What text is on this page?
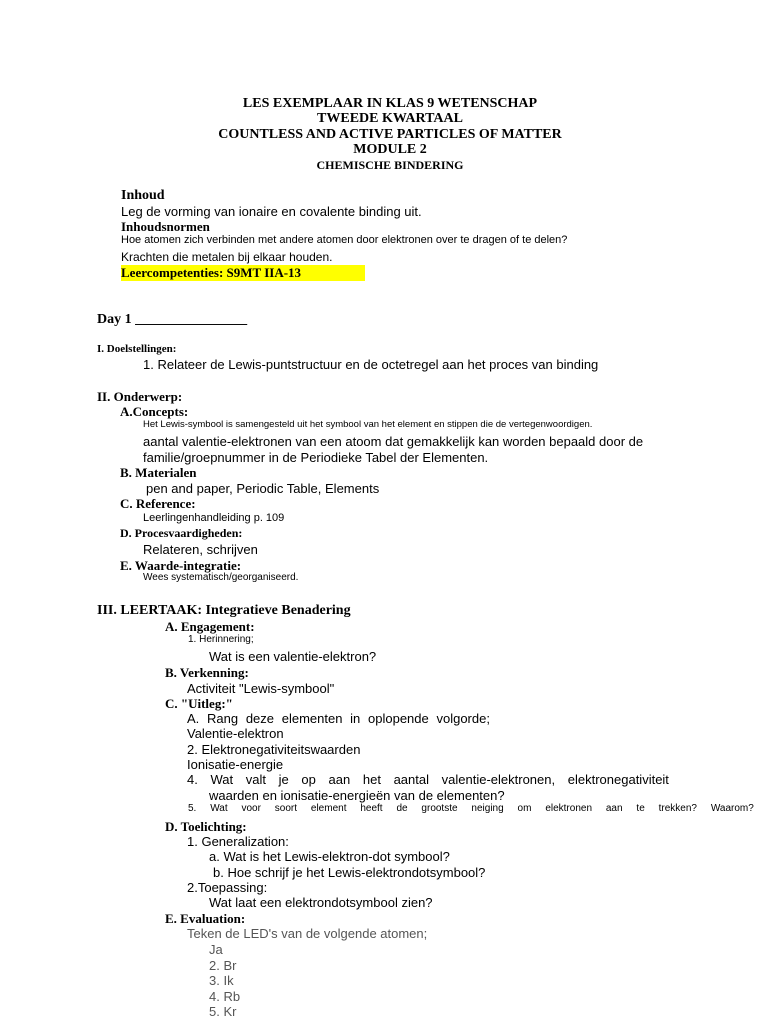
LES EXEMPLAAR IN KLAS 9 WETENSCHAP
TWEEDE KWARTAAL
COUNTLESS AND ACTIVE PARTICLES OF MATTER
MODULE 2
CHEMISCHE BINDERING
Inhoud
Leg de vorming van ionaire en covalente binding uit.
Inhoudsnormen
Hoe atomen zich verbinden met andere atomen door elektronen over te dragen of te delen?
Krachten die metalen bij elkaar houden.
Leercompetenties: S9MT IIA-13
Day 1 ________________
I. Doelstellingen:
1. Relateer de Lewis-puntstructuur en de octetregel aan het proces van binding
II. Onderwerp:
A.Concepts:
Het Lewis-symbool is samengesteld uit het symbool van het element en stippen die de vertegenwoordigen.
aantal valentie-elektronen van een atoom dat gemakkelijk kan worden bepaald door de
familie/groepnummer in de Periodieke Tabel der Elementen.
B. Materialen
pen and paper, Periodic Table, Elements
C. Reference:
Leerlingenhandleiding p. 109
D. Procesvaardigheden:
Relateren, schrijven
E. Waarde-integratie:
Wees systematisch/georganiseerd.
III. LEERTAAK: Integratieve Benadering
A. Engagement:
1. Herinnering;
Wat is een valentie-elektron?
B. Verkenning:
Activiteit "Lewis-symbool"
C. "Uitleg:"
A. Rang deze elementen in oplopende volgorde;
Valentie-elektron
2. Elektronegativiteitswaarden
Ionisatie-energie
4. Wat valt je op aan het aantal valentie-elektronen, elektronegativiteit
waarden en ionisatie-energieën van de elementen?
5. Wat voor soort element heeft de grootste neiging om elektronen aan te trekken? Waarom?
D. Toelichting:
1. Generalization:
a. Wat is het Lewis-elektron-dot symbool?
b. Hoe schrijf je het Lewis-elektrondotsymbool?
2.Toepassing:
Wat laat een elektrondotsymbool zien?
E. Evaluation:
Teken de LED's van de volgende atomen;
Ja
2. Br
3. Ik
4. Rb
5. Kr
